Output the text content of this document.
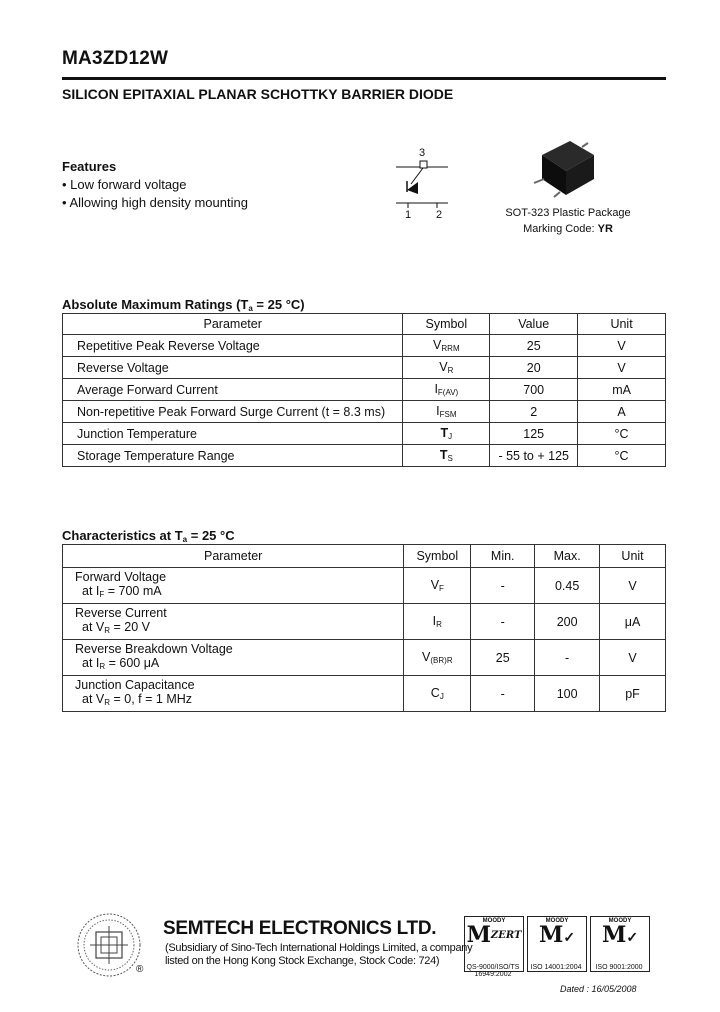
MA3ZD12W
SILICON EPITAXIAL PLANAR SCHOTTKY BARRIER DIODE
Features
• Low forward voltage
• Allowing high density mounting
3
1 2	SOT-323 Plastic Package
Marking Code: YR
Absolute Maximum Ratings ($T_a = 25$ °C)
Parameter	Symbol	Value	Unit
Repetitive Peak Reverse Voltage	$V_{RRM}$	25	V
Reverse Voltage	$V_R$	20	V
Average Forward Current	$I_{F(AV)}$	700	mA
Non-repetitive Peak Forward Surge Current (t = 8.3 ms)	$I_{FSM}$	2	A
Junction Temperature	$T_J$	125	°C
Storage Temperature Range	$T_S$	- 55 to + 125	°C
Characteristics at $T_a = 25$ °C
Parameter	Symbol	Min.	Max.	Unit

Forward Voltage
at $I_F = 700$ mA	$V_F$	-	0.45	V

Reverse Current
at $V_R = 20$ V	$I_R$	-	200	μA

Reverse Breakdown Voltage
at $I_R = 600$ μA	$V_{(BR)R}$	25	-	V

Junction Capacitance
at $V_R = 0$, f = 1 MHz	$C_J$	-	100	pF
®
SEMTECH ELECTRONICS LTD.
(Subsidiary of Sino-Tech International Holdings Limited, a company
listed on the Hong Kong Stock Exchange, Stock Code: 724)
MOODY
MZERT
QS-9000/ISO/TS 16949:2002
MOODY
M✓
ISO 14001:2004
MOODY
M✓
ISO 9001:2000
Dated : 16/05/2008
